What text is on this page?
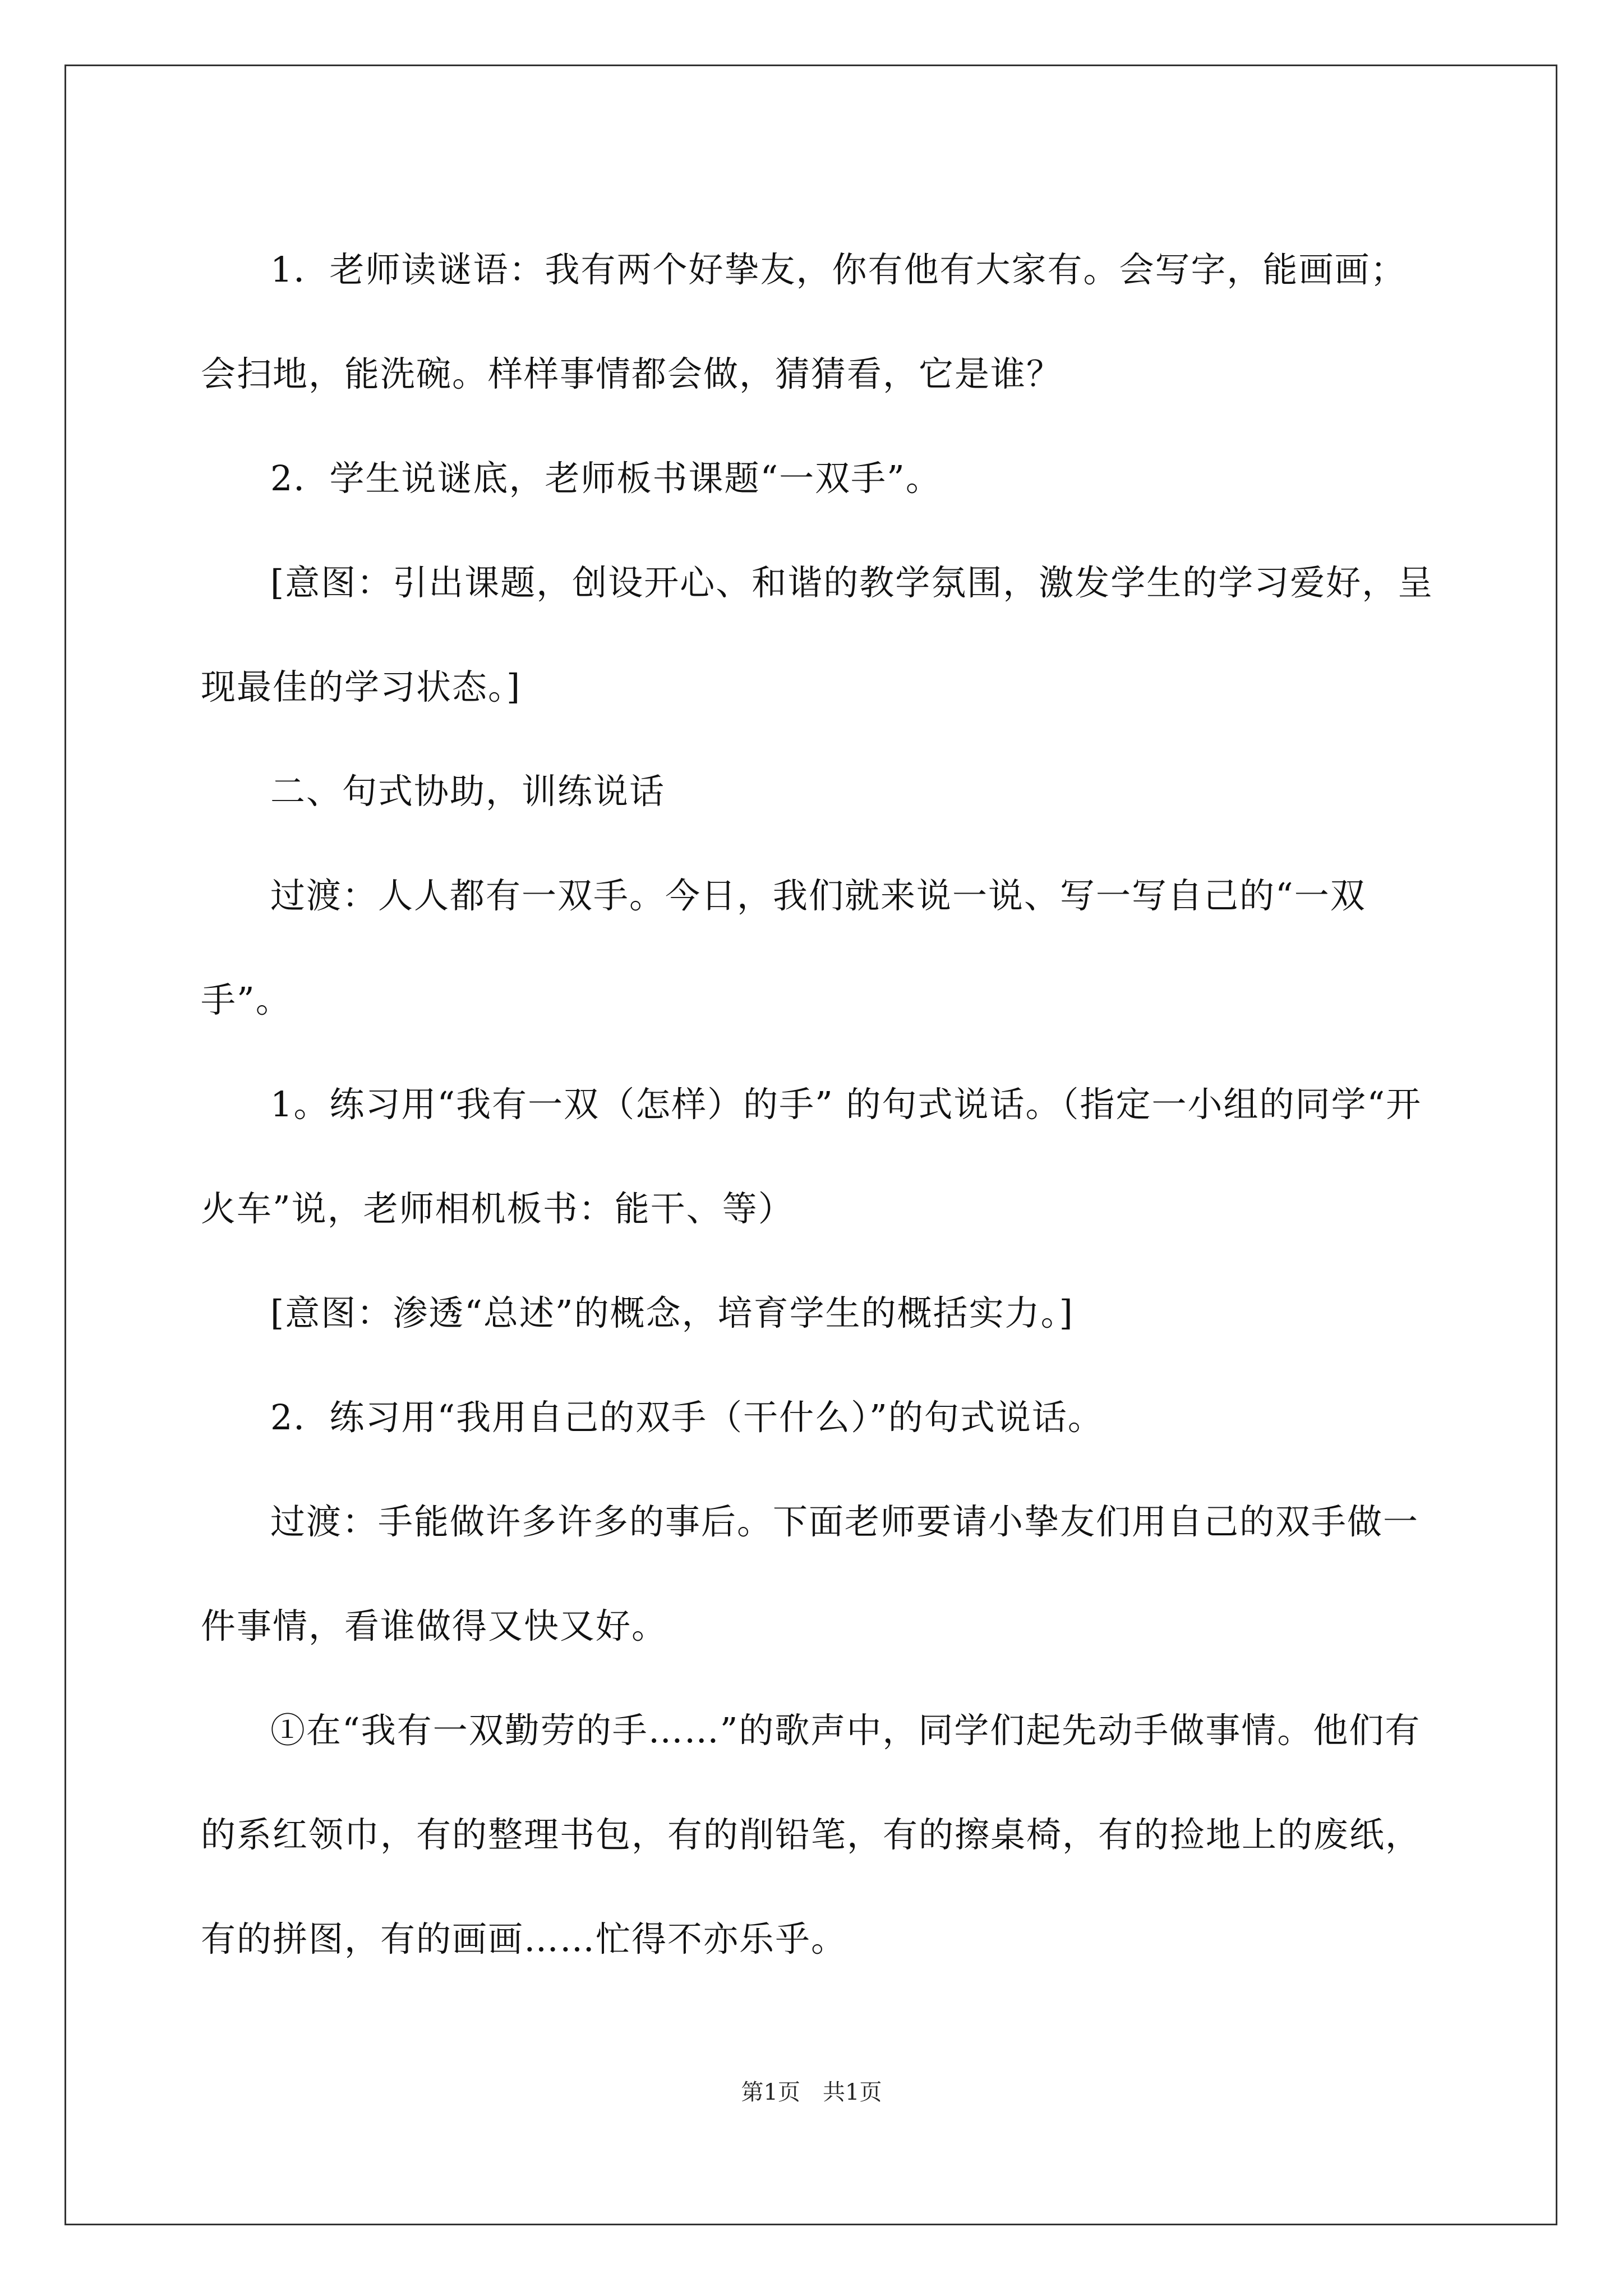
1．老师读谜语：我有两个好挚友，你有他有大家有。会写字，能画画；会扫地，能洗碗。样样事情都会做，猜猜看，它是谁？

2．学生说谜底，老师板书课题“一双手”。

[意图：引出课题，创设开心、和谐的教学氛围，激发学生的学习爱好，呈现最佳的学习状态。]

二、句式协助，训练说话

过渡：人人都有一双手。今日，我们就来说一说、写一写自己的“一双手”。

1。练习用“我有一双（怎样）的手” 的句式说话。（指定一小组的同学“开火车”说，老师相机板书：能干、等）

[意图：渗透“总述”的概念，培育学生的概括实力。]

2．练习用“我用自己的双手（干什么）”的句式说话。

过渡：手能做许多许多的事后。下面老师要请小挚友们用自己的双手做一件事情，看谁做得又快又好。

①在“我有一双勤劳的手……”的歌声中，同学们起先动手做事情。他们有的系红领巾，有的整理书包，有的削铅笔，有的擦桌椅，有的捡地上的废纸，有的拼图，有的画画……忙得不亦乐乎。

第1页　共1页
